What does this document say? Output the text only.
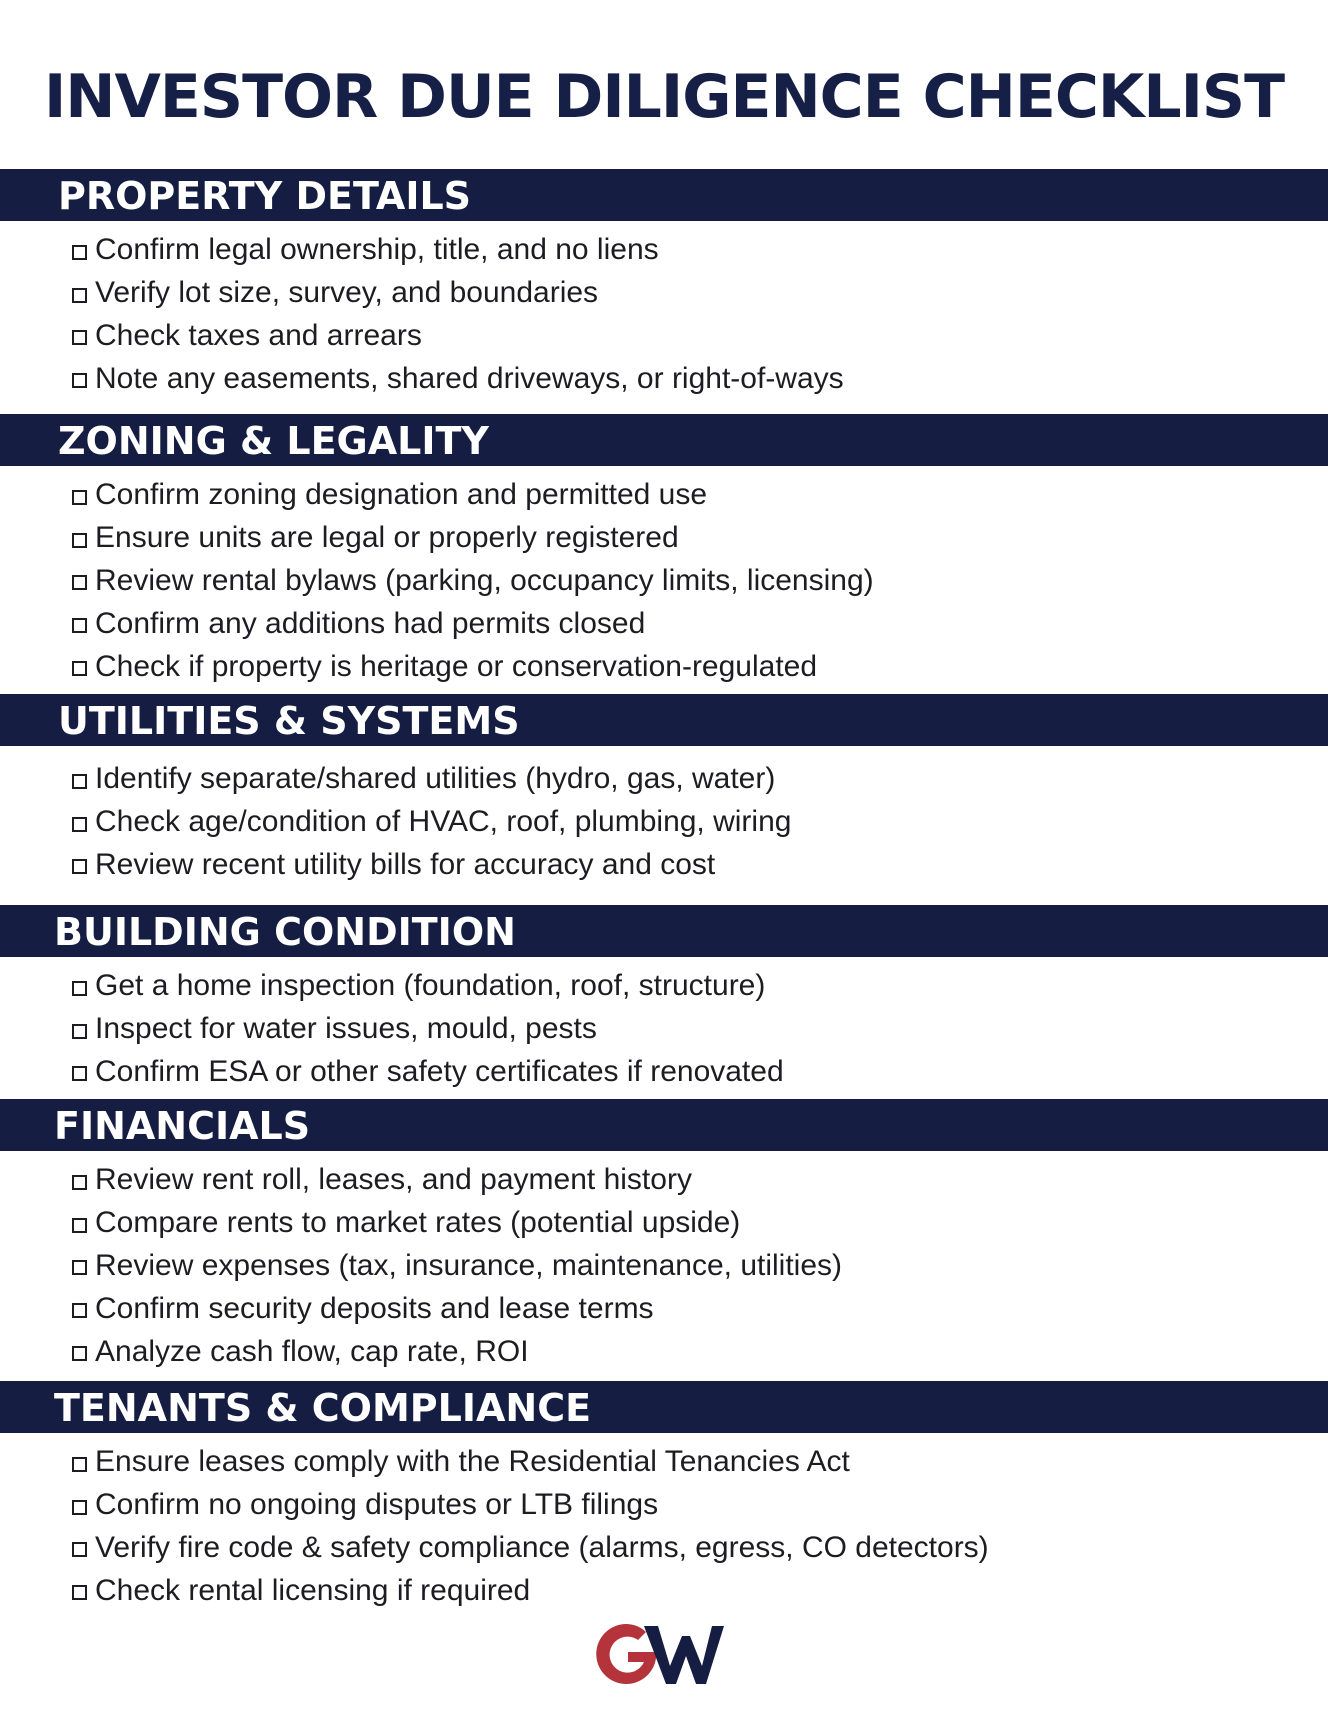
INVESTOR DUE DILIGENCE CHECKLIST
PROPERTY DETAILS
Confirm legal ownership, title, and no liens
Verify lot size, survey, and boundaries
Check taxes and arrears
Note any easements, shared driveways, or right-of-ways
ZONING & LEGALITY
Confirm zoning designation and permitted use
Ensure units are legal or properly registered
Review rental bylaws (parking, occupancy limits, licensing)
Confirm any additions had permits closed
Check if property is heritage or conservation-regulated
UTILITIES & SYSTEMS
Identify separate/shared utilities (hydro, gas, water)
Check age/condition of HVAC, roof, plumbing, wiring
Review recent utility bills for accuracy and cost
BUILDING CONDITION
Get a home inspection (foundation, roof, structure)
Inspect for water issues, mould, pests
Confirm ESA or other safety certificates if renovated
FINANCIALS
Review rent roll, leases, and payment history
Compare rents to market rates (potential upside)
Review expenses (tax, insurance, maintenance, utilities)
Confirm security deposits and lease terms
Analyze cash flow, cap rate, ROI
TENANTS & COMPLIANCE
Ensure leases comply with the Residential Tenancies Act
Confirm no ongoing disputes or LTB filings
Verify fire code & safety compliance (alarms, egress, CO detectors)
Check rental licensing if required
